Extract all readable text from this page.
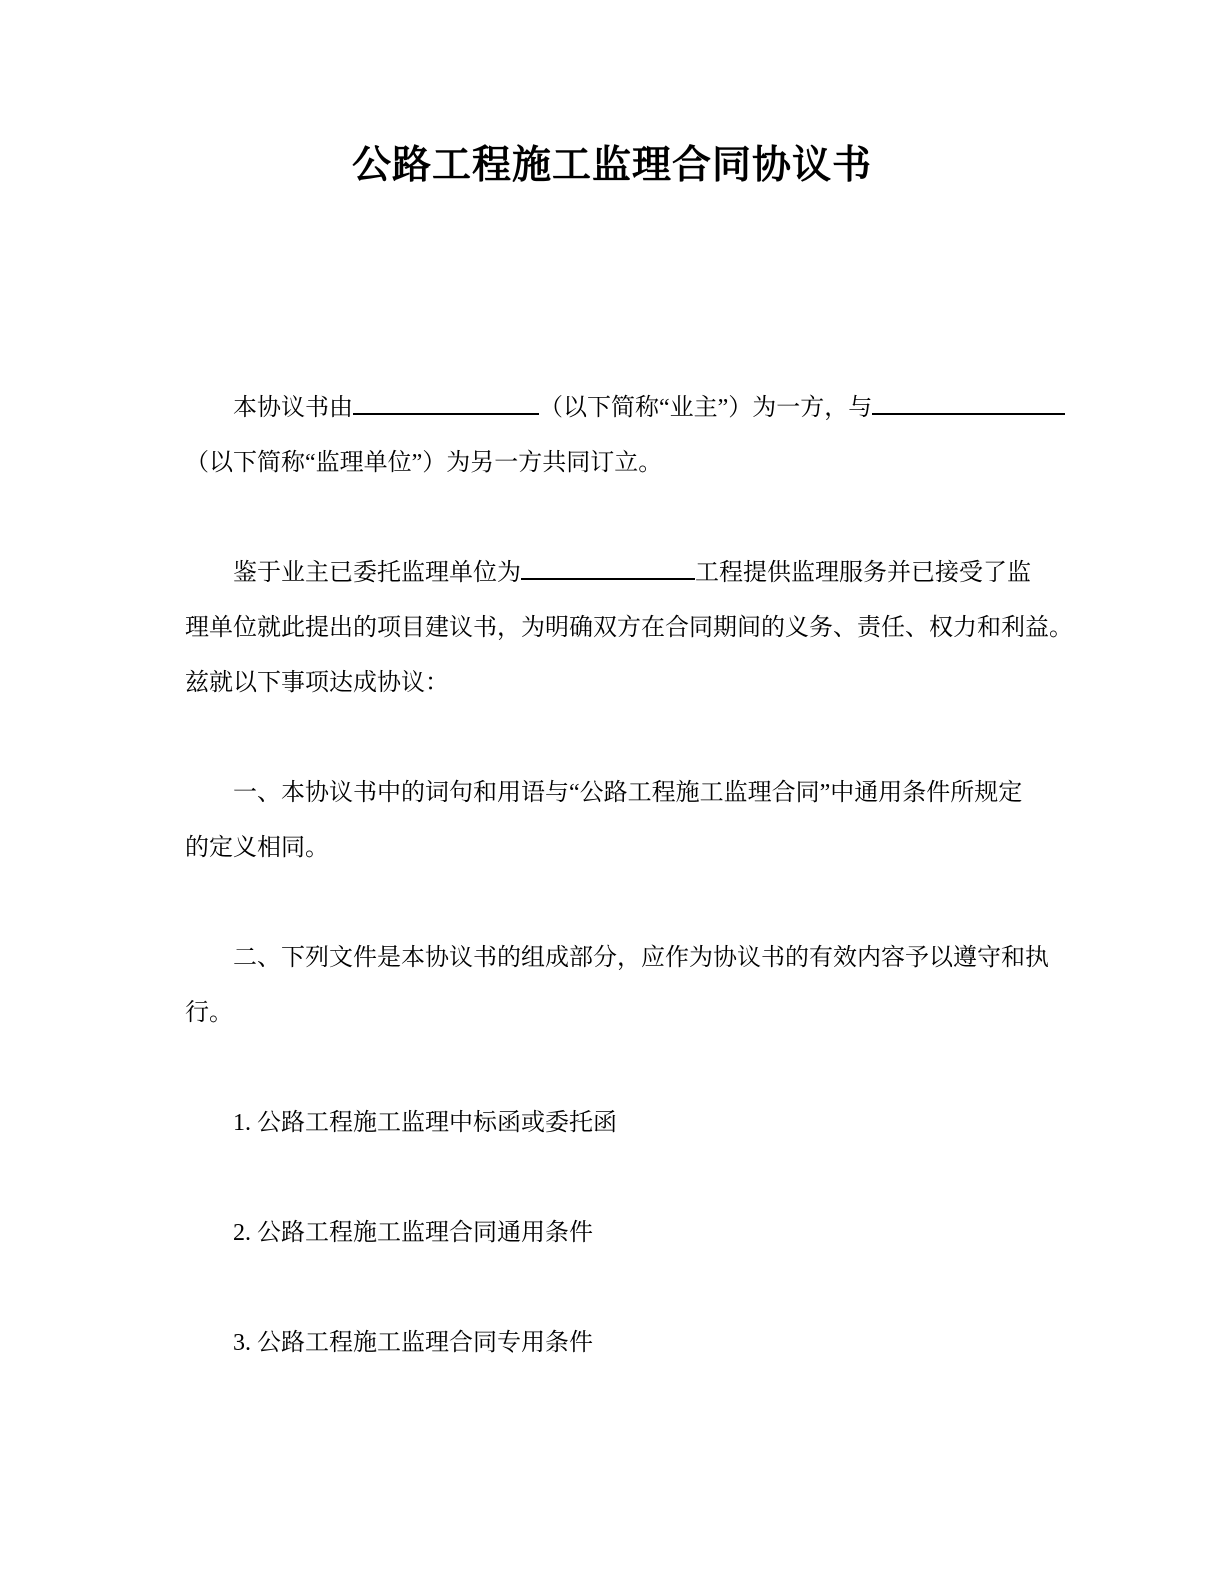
公路工程施工监理合同协议书
本协议书由	（以下简称“业主”）为一方，与
（以下简称“监理单位”）为另一方共同订立。
鉴于业主已委托监理单位为	工程提供监理服务并已接受了监
理单位就此提出的项目建议书，为明确双方在合同期间的义务、责任、权力和利益。
兹就以下事项达成协议：
一、本协议书中的词句和用语与“公路工程施工监理合同”中通用条件所规定
的定义相同。
二、下列文件是本协议书的组成部分，应作为协议书的有效内容予以遵守和执
行。
1. 公路工程施工监理中标函或委托函
2. 公路工程施工监理合同通用条件
3. 公路工程施工监理合同专用条件
